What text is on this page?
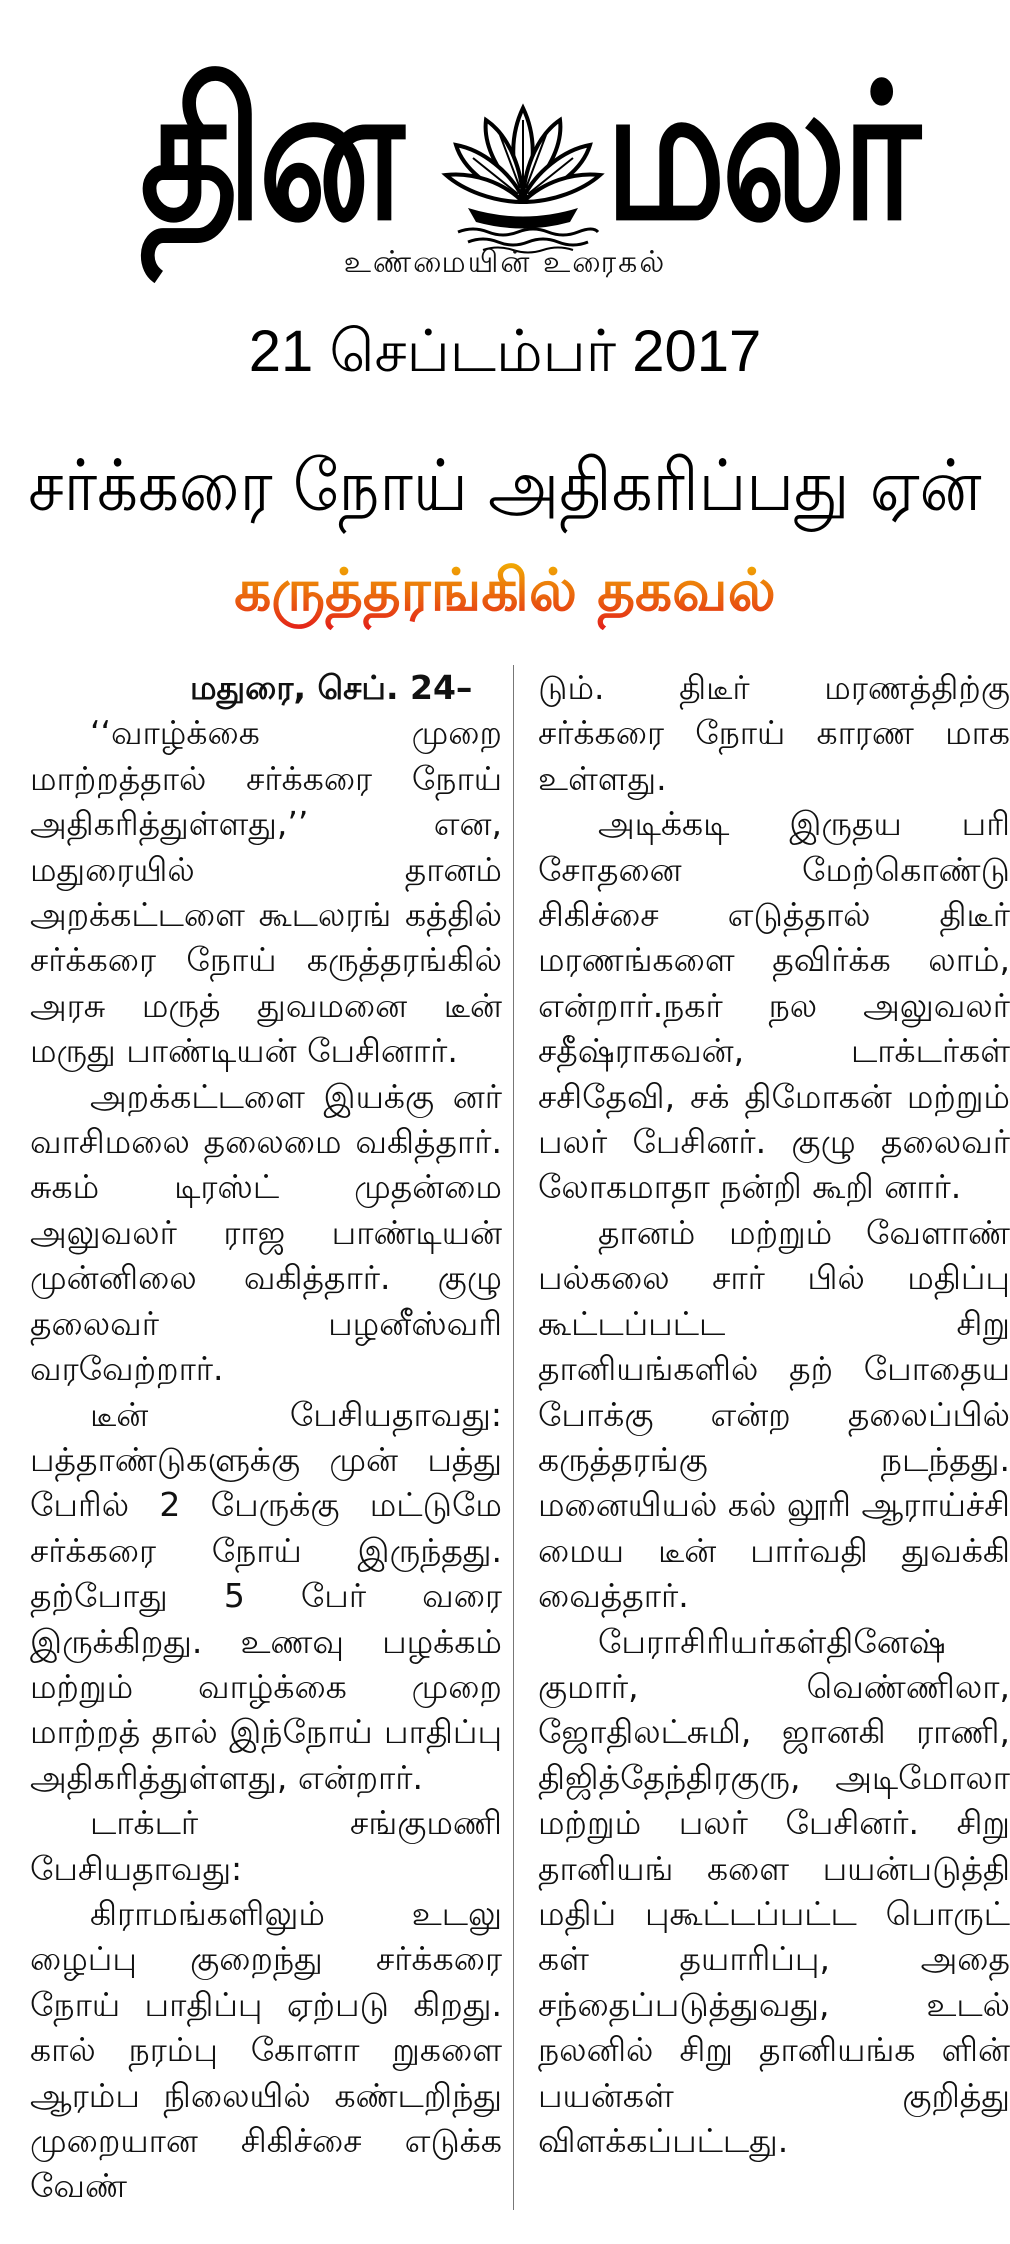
தின மலர்
உண்மையின் உரைகல்
21 செப்டம்பர் 2017
சர்க்கரை நோய் அதிகரிப்பது ஏன்
கருத்தரங்கில் தகவல்
மதுரை, செப். 24–

‘‘வாழ்க்கை முறை மாற்றத்தால் சர்க்கரை நோய் அதிகரித்துள்ளது,’’ என, மதுரையில் தானம் அறக்கட்டளை கூடலரங் கத்தில் சர்க்கரை நோய் கருத்தரங்கில் அரசு மருத் துவமனை டீன் மருது பாண்டியன் பேசினார்.

அறக்கட்டளை இயக்கு னர் வாசிமலை தலைமை வகித்தார். சுகம் டிரஸ்ட் முதன்மை அலுவலர் ராஜ பாண்டியன் முன்னிலை வகித்தார். குழு தலைவர் பழனீஸ்வரி வரவேற்றார்.

டீன் பேசியதாவது: பத்தாண்டுகளுக்கு முன் பத்து பேரில் 2 பேருக்கு மட்டுமே சர்க்கரை நோய் இருந்தது. தற்போது 5 பேர் வரை இருக்கிறது. உணவு பழக்கம் மற்றும் வாழ்க்கை முறை மாற்றத் தால் இந்நோய் பாதிப்பு அதிகரித்துள்ளது, என்றார்.

டாக்டர் சங்குமணி பேசியதாவது:

கிராமங்களிலும் உடலு ழைப்பு குறைந்து சர்க்கரை நோய் பாதிப்பு ஏற்படு கிறது. கால் நரம்பு கோளா றுகளை ஆரம்ப நிலையில் கண்டறிந்து முறையான சிகிச்சை எடுக்க வேண்

டும். திடீர் மரணத்திற்கு சர்க்கரை நோய் காரண மாக உள்ளது.

அடிக்கடி இருதய பரி சோதனை மேற்கொண்டு சிகிச்சை எடுத்தால் திடீர் மரணங்களை தவிர்க்க லாம், என்றார்.நகர் நல அலுவலர் சதீஷ்ராகவன், டாக்டர்கள் சசிதேவி, சக் திமோகன் மற்றும் பலர் பேசினர். குழு தலைவர் லோகமாதா நன்றி கூறி னார்.

தானம் மற்றும் வேளாண் பல்கலை சார் பில் மதிப்பு கூட்டப்பட்ட சிறு தானியங்களில் தற் போதைய போக்கு என்ற தலைப்பில் கருத்தரங்கு நடந்தது. மனையியல் கல் லூரி ஆராய்ச்சி மைய டீன் பார்வதி துவக்கி வைத்தார்.

பேராசிரியர்கள்தினேஷ் குமார், வெண்ணிலா, ஜோதிலட்சுமி, ஜானகி ராணி, திஜித்தேந்திரகுரு, அடிமோலா மற்றும் பலர் பேசினர். சிறு தானியங் களை பயன்படுத்தி மதிப் புகூட்டப்பட்ட பொருட் கள் தயாரிப்பு, அதை சந்தைப்படுத்துவது, உடல் நலனில் சிறு தானியங்க ளின் பயன்கள் குறித்து விளக்கப்பட்டது.
